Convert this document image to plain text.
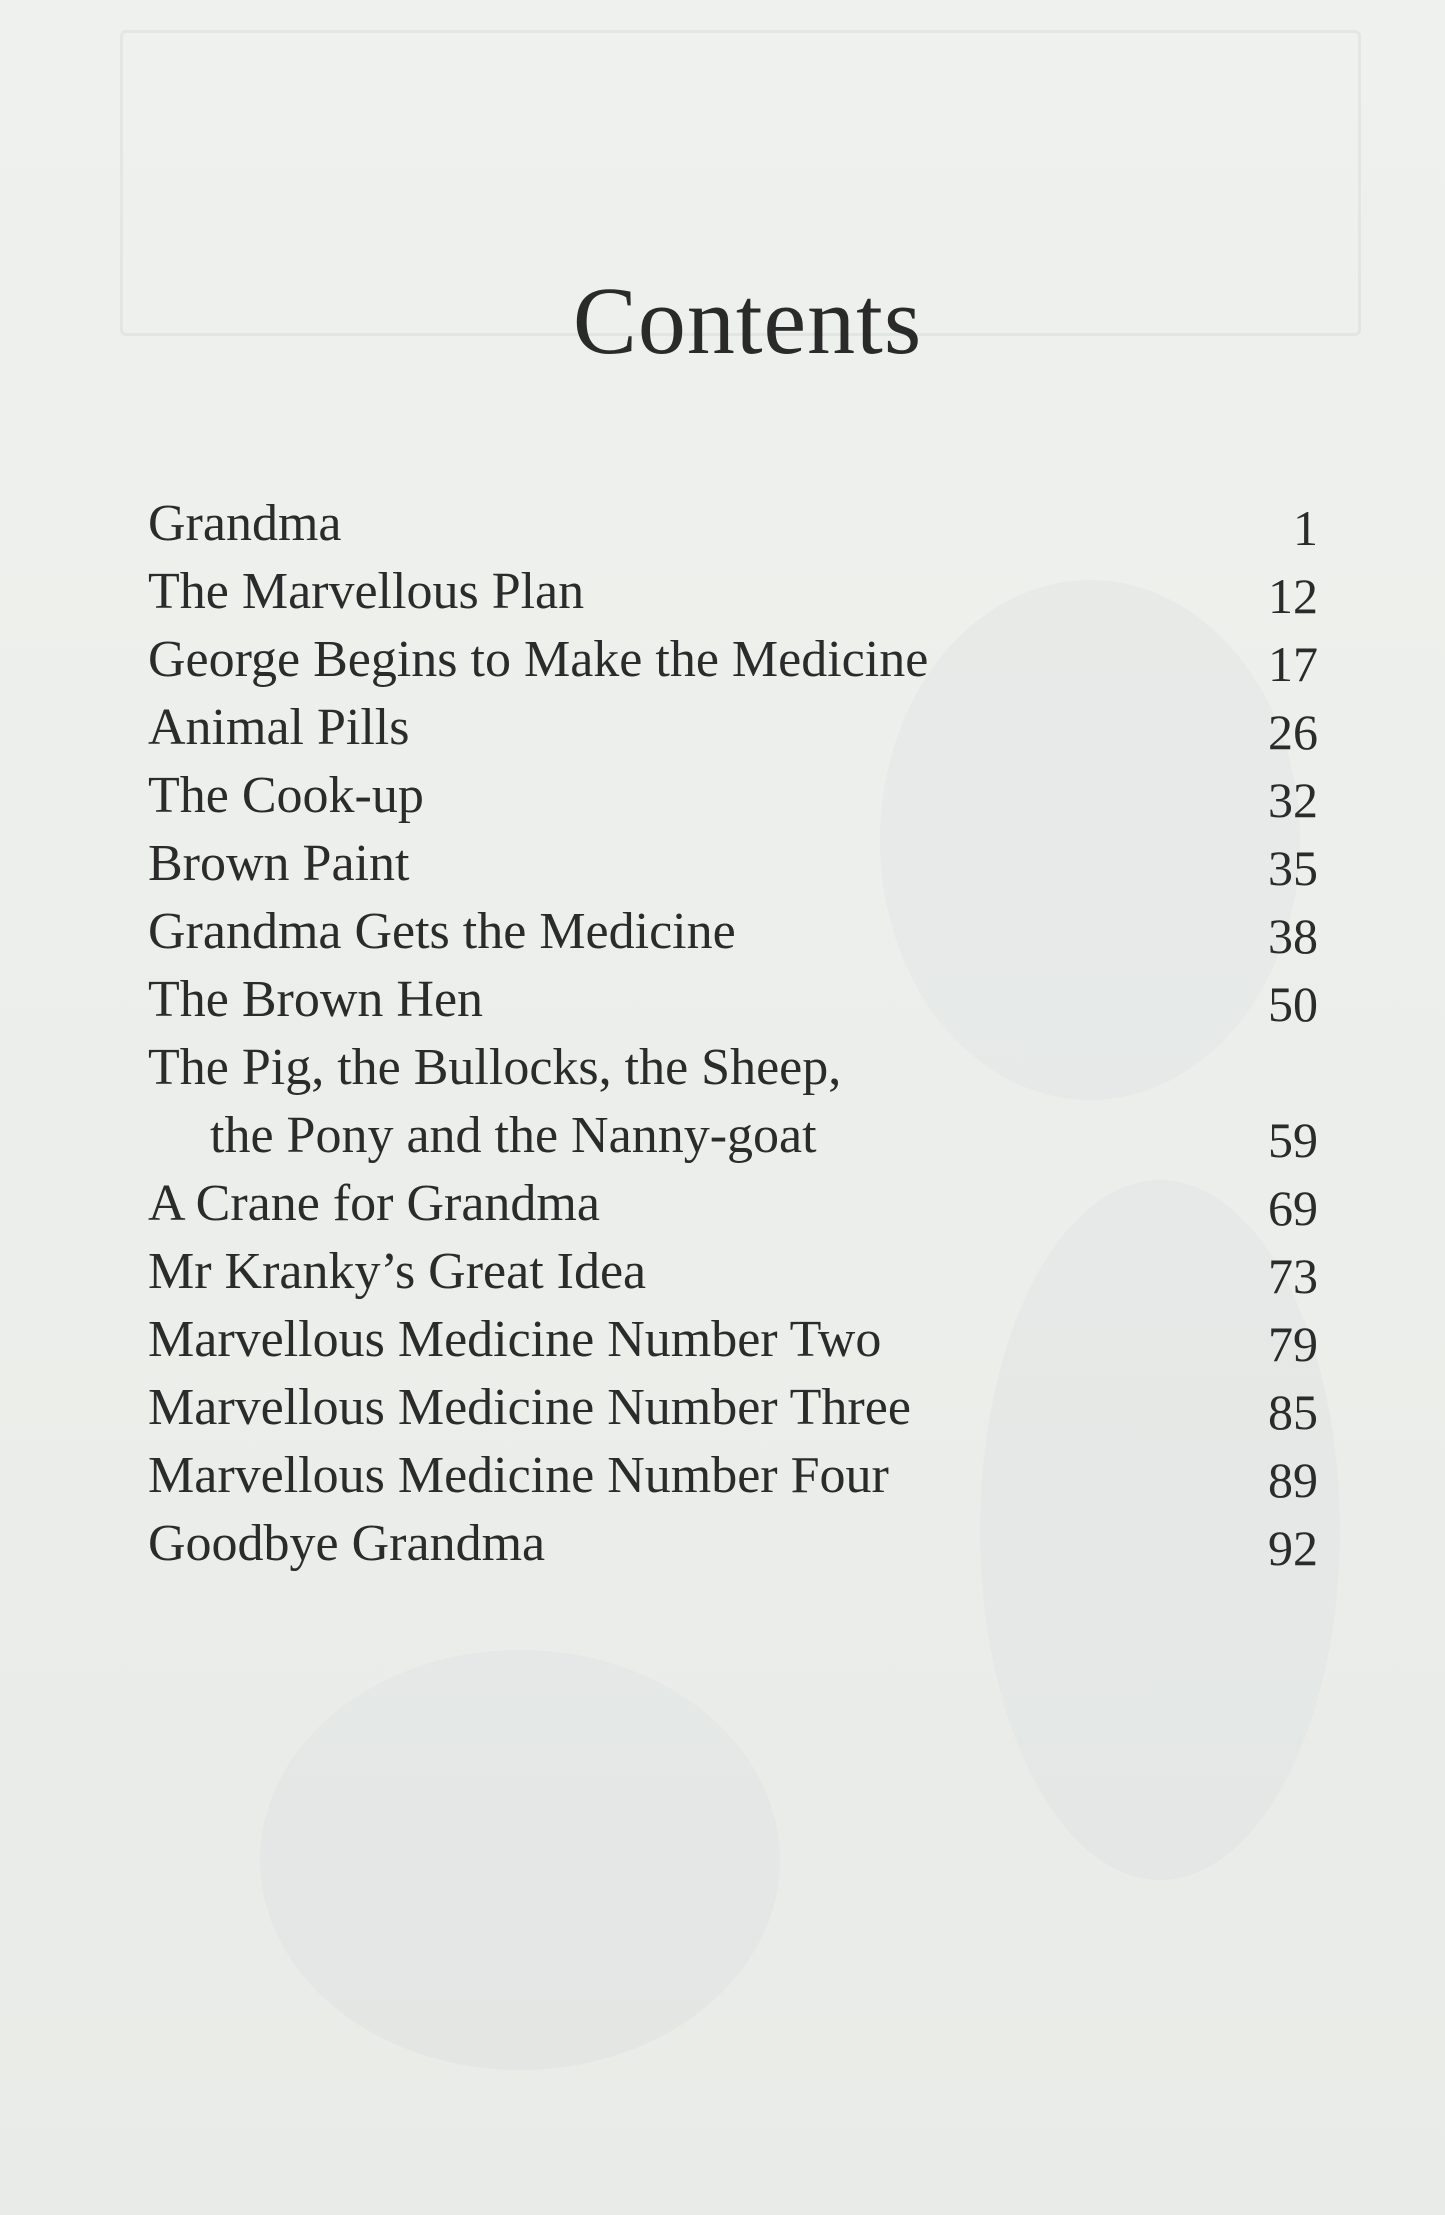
Contents
Grandma	1
The Marvellous Plan	12
George Begins to Make the Medicine	17
Animal Pills	26
The Cook-up	32
Brown Paint	35
Grandma Gets the Medicine	38
The Brown Hen	50
The Pig, the Bullocks, the Sheep,
the Pony and the Nanny-goat	59
A Crane for Grandma	69
Mr Kranky’s Great Idea	73
Marvellous Medicine Number Two	79
Marvellous Medicine Number Three	85
Marvellous Medicine Number Four	89
Goodbye Grandma	92
